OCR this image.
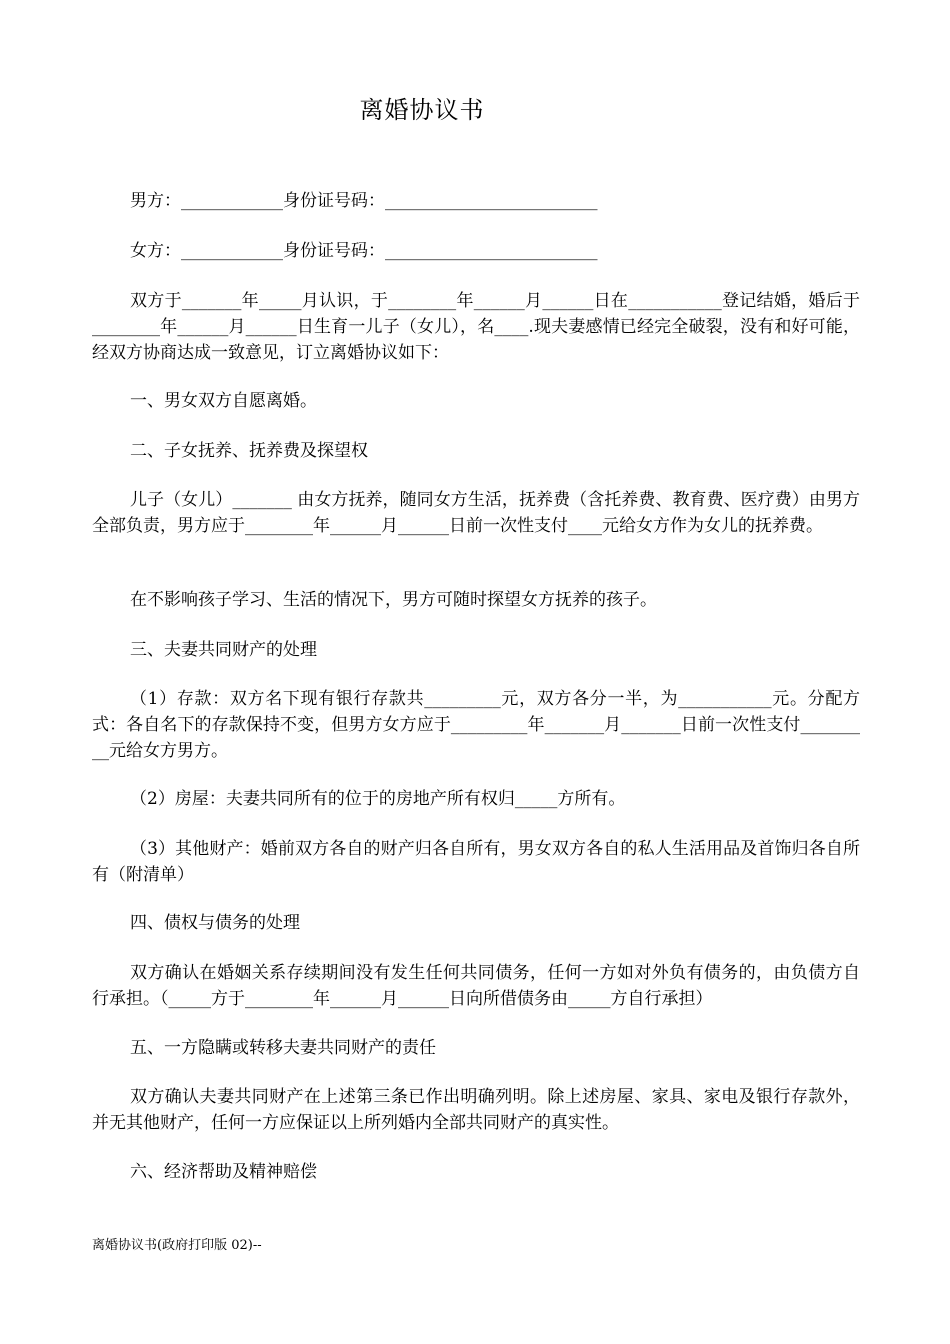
离婚协议书
男方：____________身份证号码：_________________________
女方：____________身份证号码：_________________________
双方于_______年_____月认识，于________年______月______日在___________登记结婚，婚后于________年______月______日生育一儿子（女儿），名____.现夫妻感情已经完全破裂，没有和好可能，经双方协商达成一致意见，订立离婚协议如下：
一、男女双方自愿离婚。
二、子女抚养、抚养费及探望权
儿子（女儿）_______ 由女方抚养，随同女方生活，抚养费（含托养费、教育费、医疗费）由男方全部负责，男方应于________年______月______日前一次性支付____元给女方作为女儿的抚养费。
在不影响孩子学习、生活的情况下，男方可随时探望女方抚养的孩子。
三、夫妻共同财产的处理
（1）存款：双方名下现有银行存款共_________元，双方各分一半，为___________元。分配方式：各自名下的存款保持不变，但男方女方应于_________年_______月_______日前一次性支付_________元给女方男方。
（2）房屋：夫妻共同所有的位于的房地产所有权归_____方所有。
（3）其他财产：婚前双方各自的财产归各自所有，男女双方各自的私人生活用品及首饰归各自所有（附清单）
四、债权与债务的处理
双方确认在婚姻关系存续期间没有发生任何共同债务，任何一方如对外负有债务的，由负债方自行承担。（_____方于________年______月______日向所借债务由_____方自行承担）
五、一方隐瞒或转移夫妻共同财产的责任
双方确认夫妻共同财产在上述第三条已作出明确列明。除上述房屋、家具、家电及银行存款外，并无其他财产，任何一方应保证以上所列婚内全部共同财产的真实性。
六、经济帮助及精神赔偿
离婚协议书(政府打印版 02)--
